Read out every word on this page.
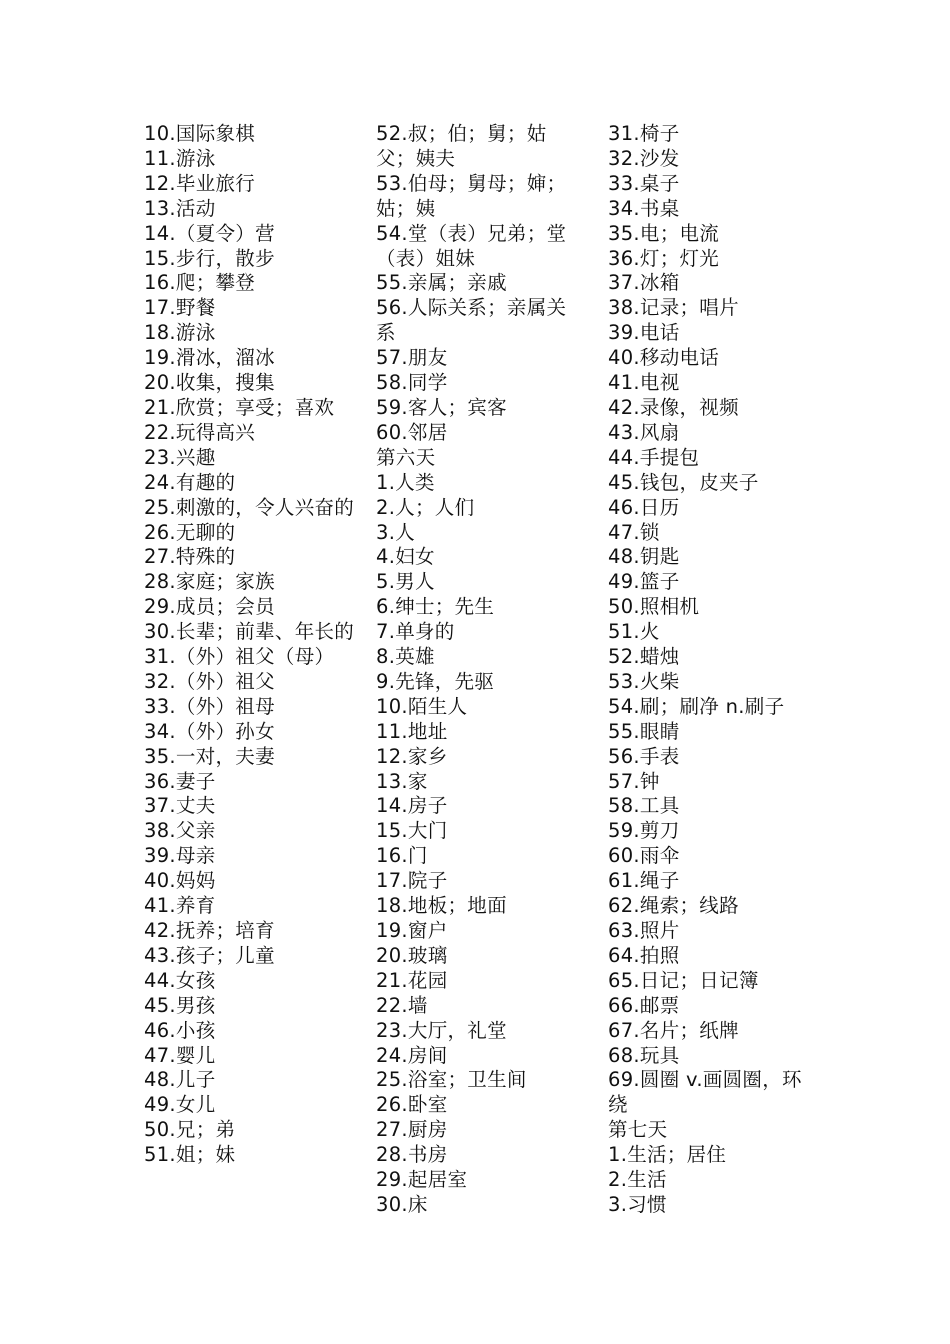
10.国际象棋
11.游泳
12.毕业旅行
13.活动
14.（夏令）营
15.步行，散步
16.爬；攀登
17.野餐
18.游泳
19.滑冰，溜冰
20.收集，搜集
21.欣赏；享受；喜欢
22.玩得高兴
23.兴趣
24.有趣的
25.刺激的，令人兴奋的
26.无聊的
27.特殊的
28.家庭；家族
29.成员；会员
30.长辈；前辈、年长的
31.（外）祖父（母）
32.（外）祖父
33.（外）祖母
34.（外）孙女
35.一对，夫妻
36.妻子
37.丈夫
38.父亲
39.母亲
40.妈妈
41.养育
42.抚养；培育
43.孩子；儿童
44.女孩
45.男孩
46.小孩
47.婴儿
48.儿子
49.女儿
50.兄；弟
51.姐；妹
52.叔；伯；舅；姑父；姨夫
53.伯母；舅母；婶；姑；姨
54.堂（表）兄弟；堂（表）姐妹
55.亲属；亲戚
56.人际关系；亲属关系
57.朋友
58.同学
59.客人；宾客
60.邻居
第六天
1.人类
2.人；人们
3.人
4.妇女
5.男人
6.绅士；先生
7.单身的
8.英雄
9.先锋，先驱
10.陌生人
11.地址
12.家乡
13.家
14.房子
15.大门
16.门
17.院子
18.地板；地面
19.窗户
20.玻璃
21.花园
22.墙
23.大厅，礼堂
24.房间
25.浴室；卫生间
26.卧室
27.厨房
28.书房
29.起居室
30.床
31.椅子
32.沙发
33.桌子
34.书桌
35.电；电流
36.灯；灯光
37.冰箱
38.记录；唱片
39.电话
40.移动电话
41.电视
42.录像，视频
43.风扇
44.手提包
45.钱包，皮夹子
46.日历
47.锁
48.钥匙
49.篮子
50.照相机
51.火
52.蜡烛
53.火柴
54.刷；刷净 n.刷子
55.眼睛
56.手表
57.钟
58.工具
59.剪刀
60.雨伞
61.绳子
62.绳索；线路
63.照片
64.拍照
65.日记；日记簿
66.邮票
67.名片；纸牌
68.玩具
69.圆圈 v.画圆圈，环绕
第七天
1.生活；居住
2.生活
3.习惯
